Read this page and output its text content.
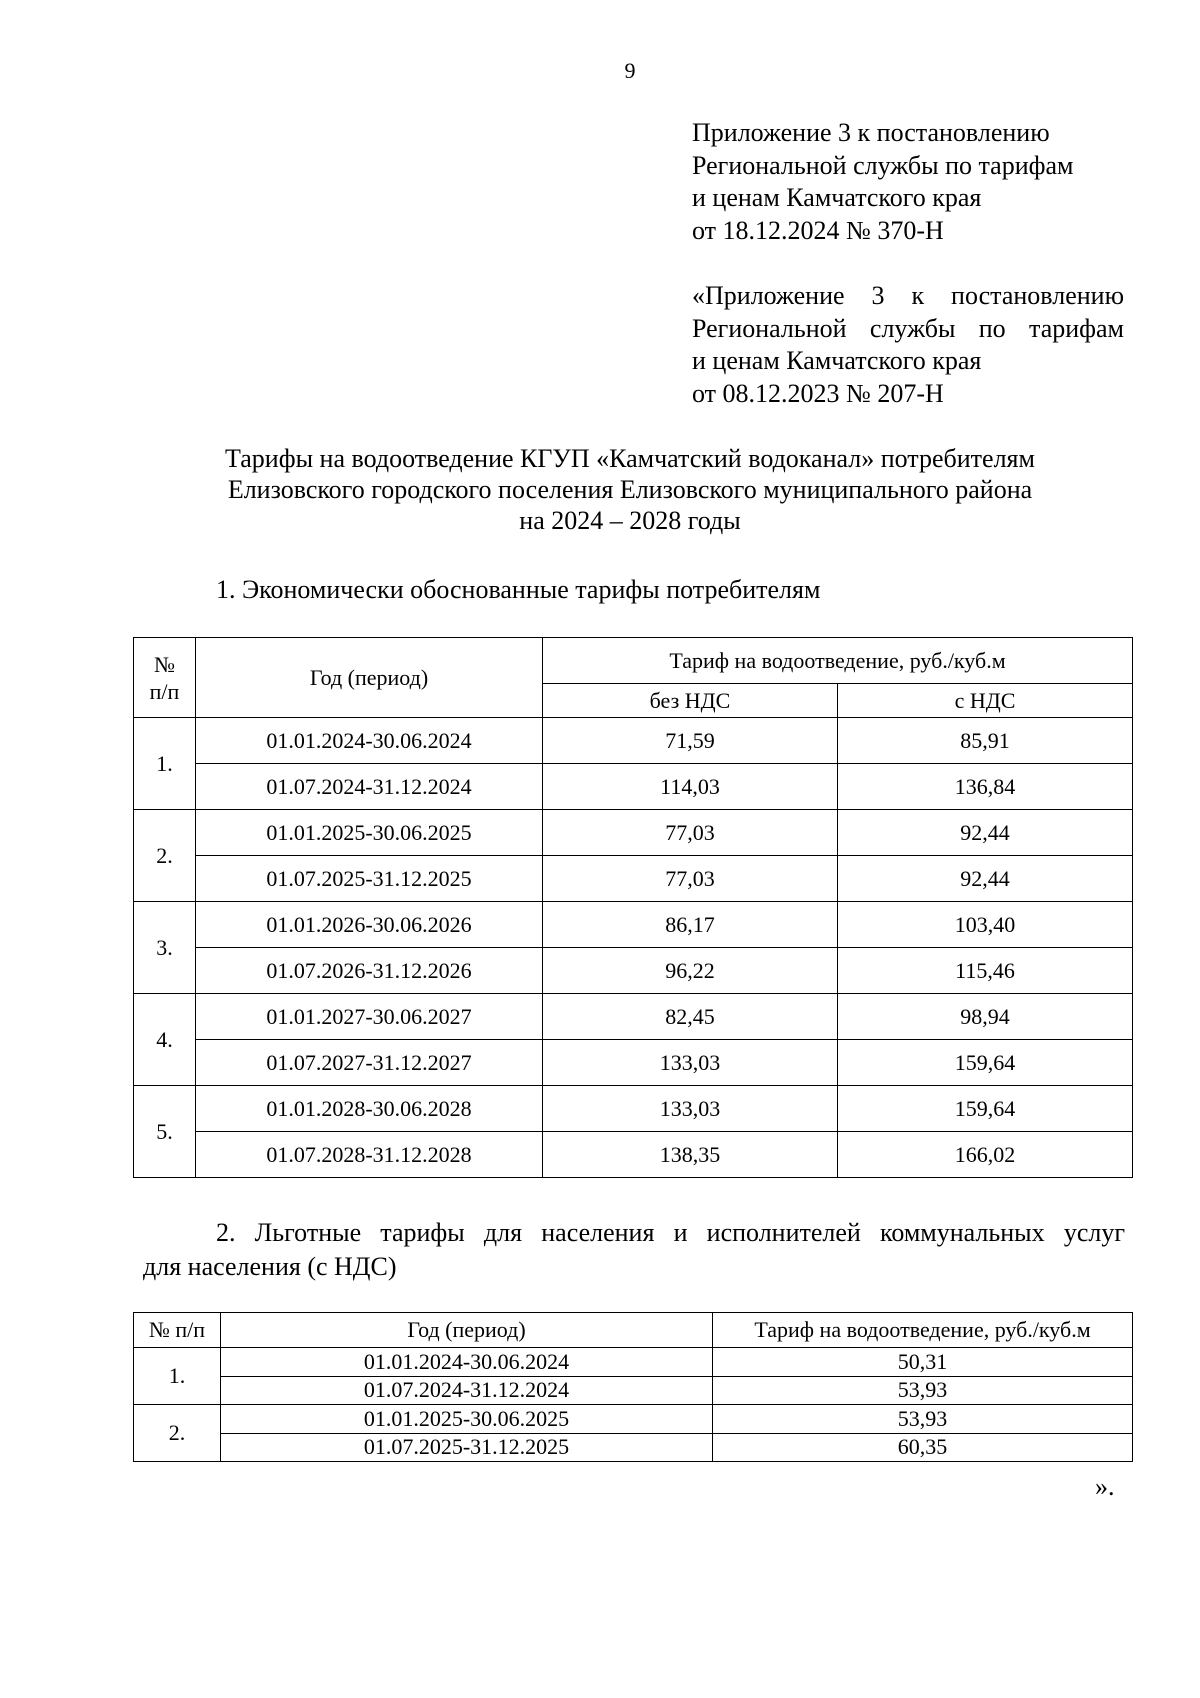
9
Приложение 3 к постановлению
Региональной службы по тарифам
и ценам Камчатского края
от 18.12.2024 № 370-Н
«Приложение 3 к постановлению
Региональной службы по тарифам
и ценам Камчатского края
от 08.12.2023 № 207-Н
Тарифы на водоотведение КГУП «Камчатский водоканал» потребителям
Елизовского городского поселения Елизовского муниципального района
на 2024 – 2028 годы
1. Экономически обоснованные тарифы потребителям
№
п/п	Год (период)	Тариф на водоотведение, руб./куб.м	
		без НДС	с НДС
1.	01.01.2024-30.06.2024	71,59	85,91
	01.07.2024-31.12.2024	114,03	136,84
2.	01.01.2025-30.06.2025	77,03	92,44
	01.07.2025-31.12.2025	77,03	92,44
3.	01.01.2026-30.06.2026	86,17	103,40
	01.07.2026-31.12.2026	96,22	115,46
4.	01.01.2027-30.06.2027	82,45	98,94
	01.07.2027-31.12.2027	133,03	159,64
5.	01.01.2028-30.06.2028	133,03	159,64
	01.07.2028-31.12.2028	138,35	166,02
2. Льготные тарифы для населения и исполнителей коммунальных услуг
для населения (с НДС)
№ п/п	Год (период)	Тариф на водоотведение, руб./куб.м
1.	01.01.2024-30.06.2024	50,31
	01.07.2024-31.12.2024	53,93
2.	01.01.2025-30.06.2025	53,93
	01.07.2025-31.12.2025	60,35
».
